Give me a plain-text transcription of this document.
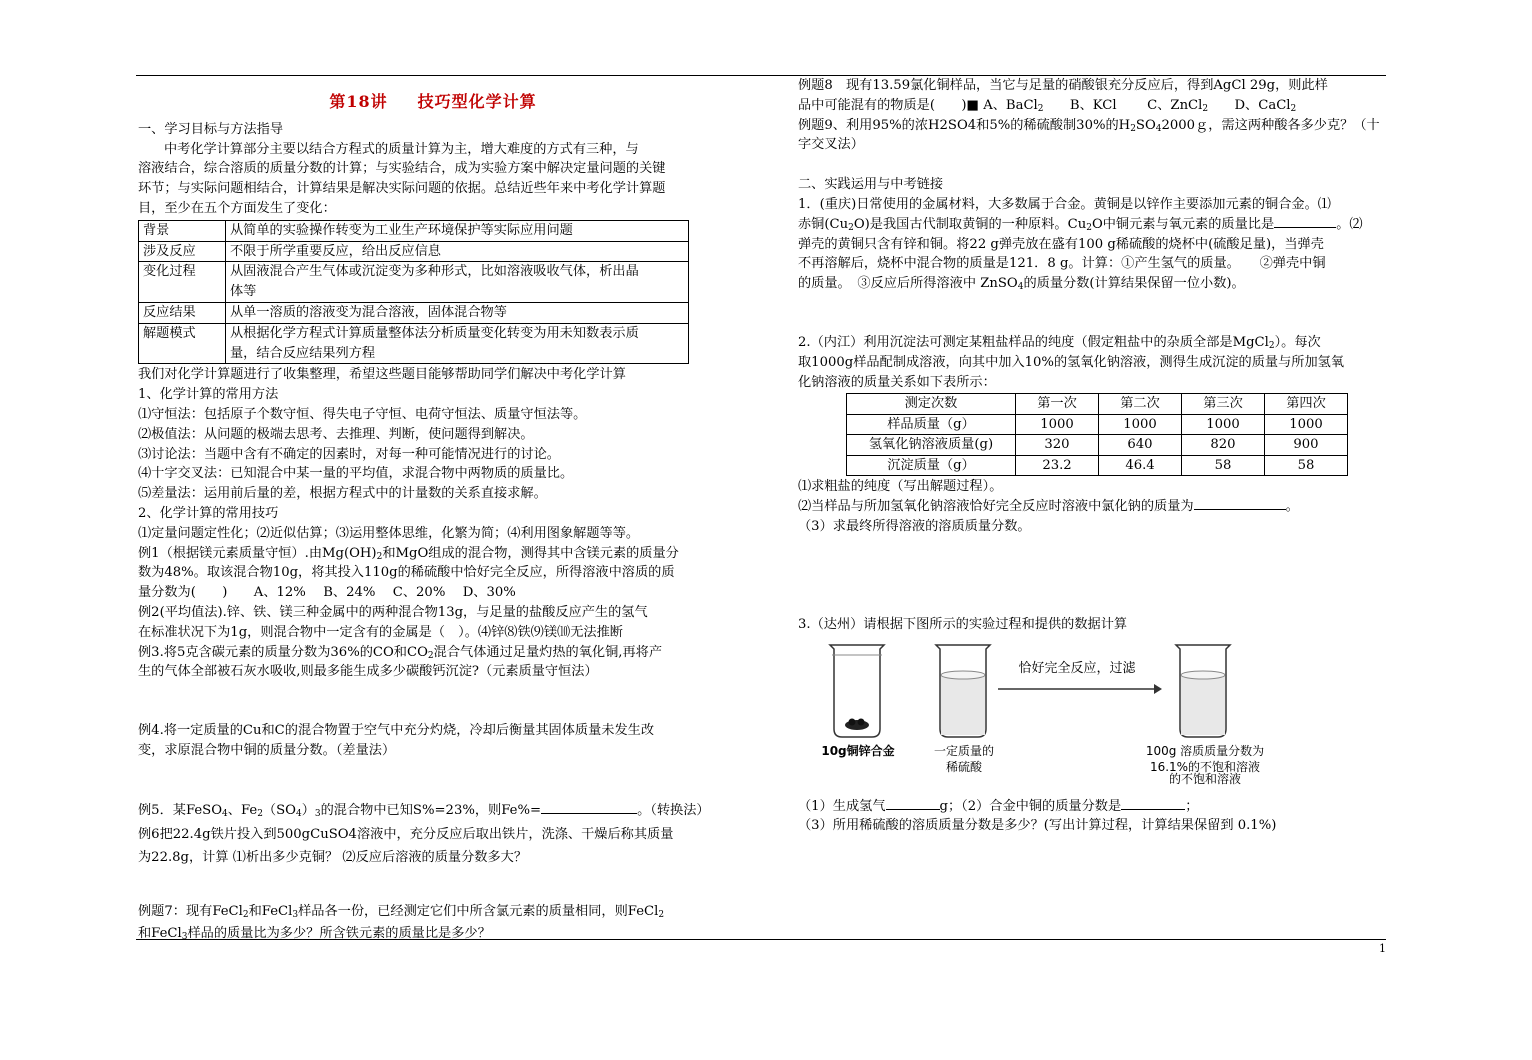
1

第18讲 技巧型化学计算

一、学习目标与方法指导

中考化学计算部分主要以结合方程式的质量计算为主，增大难度的方式有三种，与

溶液结合，综合溶质的质量分数的计算；与实验结合，成为实验方案中解决定量问题的关键

环节；与实际问题相结合，计算结果是解决实际问题的依据。总结近些年来中考化学计算题

目，至少在五个方面发生了变化：

背景	从简单的实验操作转变为工业生产环境保护等实际应用问题

涉及反应	不限于所学重要反应，给出反应信息

变化过程	从固液混合产生气体或沉淀变为多种形式，比如溶液吸收气体，析出晶
体等

反应结果	从单一溶质的溶液变为混合溶液，固体混合物等

解题模式	从根据化学方程式计算质量整体法分析质量变化转变为用未知数表示质
量，结合反应结果列方程

我们对化学计算题进行了收集整理，希望这些题目能够帮助同学们解决中考化学计算

1、化学计算的常用方法

⑴守恒法：包括原子个数守恒、得失电子守恒、电荷守恒法、质量守恒法等。

⑵极值法：从问题的极端去思考、去推理、判断，使问题得到解决。

⑶讨论法：当题中含有不确定的因素时，对每一种可能情况进行的讨论。

⑷十字交叉法：已知混合中某一量的平均值，求混合物中两物质的质量比。

⑸差量法：运用前后量的差，根据方程式中的计量数的关系直接求解。

2、化学计算的常用技巧

⑴定量问题定性化；⑵近似估算；⑶运用整体思维，化繁为简；⑷利用图象解题等等。

例1（根据镁元素质量守恒）.由$Mg(OH)_2$和MgO组成的混合物，测得其中含镁元素的质量分

数为48%。取该混合物10g，将其投入110g的稀硫酸中恰好完全反应，所得溶液中溶质的质

量分数为(　　)　　A、12%　 B、24%　 C、20%　 D、30%

例2(平均值法).锌、铁、镁三种金属中的两种混合物13g，与足量的盐酸反应产生的氢气

在标准状况下为1g，则混合物中一定含有的金属是（　）。⑷锌⑻铁⑼镁⑽无法推断

例3.将5克含碳元素的质量分数为36%的CO和$CO_2$混合气体通过足量灼热的氧化铜,再将产

生的气体全部被石灰水吸收,则最多能生成多少碳酸钙沉淀?（元素质量守恒法）

例4.将一定质量的Cu和C的混合物置于空气中充分灼烧，冷却后衡量其固体质量未发生改

变，求原混合物中铜的质量分数。（差量法）

例5．某FeSO$_4$、$Fe_2(SO_4)_3$的混合物中已知S%=23%，则Fe%=	。（转换法）

例6把22.4g铁片投入到500gCuSO4溶液中，充分反应后取出铁片，洗涤、干燥后称其质量

为22.8g，计算 ⑴析出多少克铜？ ⑵反应后溶液的质量分数多大？

例题7：现有FeCl$_2$和FeCl$_3$样品各一份，已经测定它们中所含氯元素的质量相同，则FeCl$_2$

和FeCl$_3$样品的质量比为多少？所含铁元素的质量比是多少？

例题8　现有13.59氯化铜样品，当它与足量的硝酸银充分反应后，得到AgCl 29g，则此样

品中可能混有的物质是(　　)■ A、BaCl$_2$　　B、KCl　　 C、ZnCl$_2$　　D、CaCl$_2$

例题9、利用95%的浓H2SO4和5%的稀硫酸制30%的$H_2SO_42000g$，需这两种酸各多少克？（十

字交叉法）

二、实践运用与中考链接

1．(重庆)日常使用的金属材料，大多数属于合金。黄铜是以锌作主要添加元素的铜合金。⑴

赤铜$(Cu_2O)$是我国古代制取黄铜的一种原料。$Cu_2O$中铜元素与氧元素的质量比是	。⑵

弹壳的黄铜只含有锌和铜。将22 g弹壳放在盛有100 g稀硫酸的烧杯中(硫酸足量)，当弹壳

不再溶解后，烧杯中混合物的质量是121．8 g。计算：①产生氢气的质量。　　②弹壳中铜

的质量。　③反应后所得溶液中 ZnSO$_4$的质量分数(计算结果保留一位小数)。

2.（内江）利用沉淀法可测定某粗盐样品的纯度（假定粗盐中的杂质全部是MgCl$_2$）。每次

取1000g样品配制成溶液，向其中加入10%的氢氧化钠溶液，测得生成沉淀的质量与所加氢氧

化钠溶液的质量关系如下表所示：

测定次数	第一次	第二次	第三次	第四次
样品质量（g）	1000	1000	1000	1000
氢氧化钠溶液质量(g)	320	640	820	900
沉淀质量（g）	23.2	46.4	58	58

⑴求粗盐的纯度（写出解题过程）。

⑵当样品与所加氢氧化钠溶液恰好完全反应时溶液中氯化钠的质量为	。

（3）求最终所得溶液的溶质质量分数。

3.（达州）请根据下图所示的实验过程和提供的数据计算

恰好完全反应，过滤
10g铜锌合金	一定质量的
稀硫酸
100g 溶质质量分数为
16.1%的不饱和溶液
的不饱和溶液

（1）生成氢气	g；（2）合金中铜的质量分数是	；

（3）所用稀硫酸的溶质质量分数是多少？(写出计算过程，计算结果保留到 0.1%)
